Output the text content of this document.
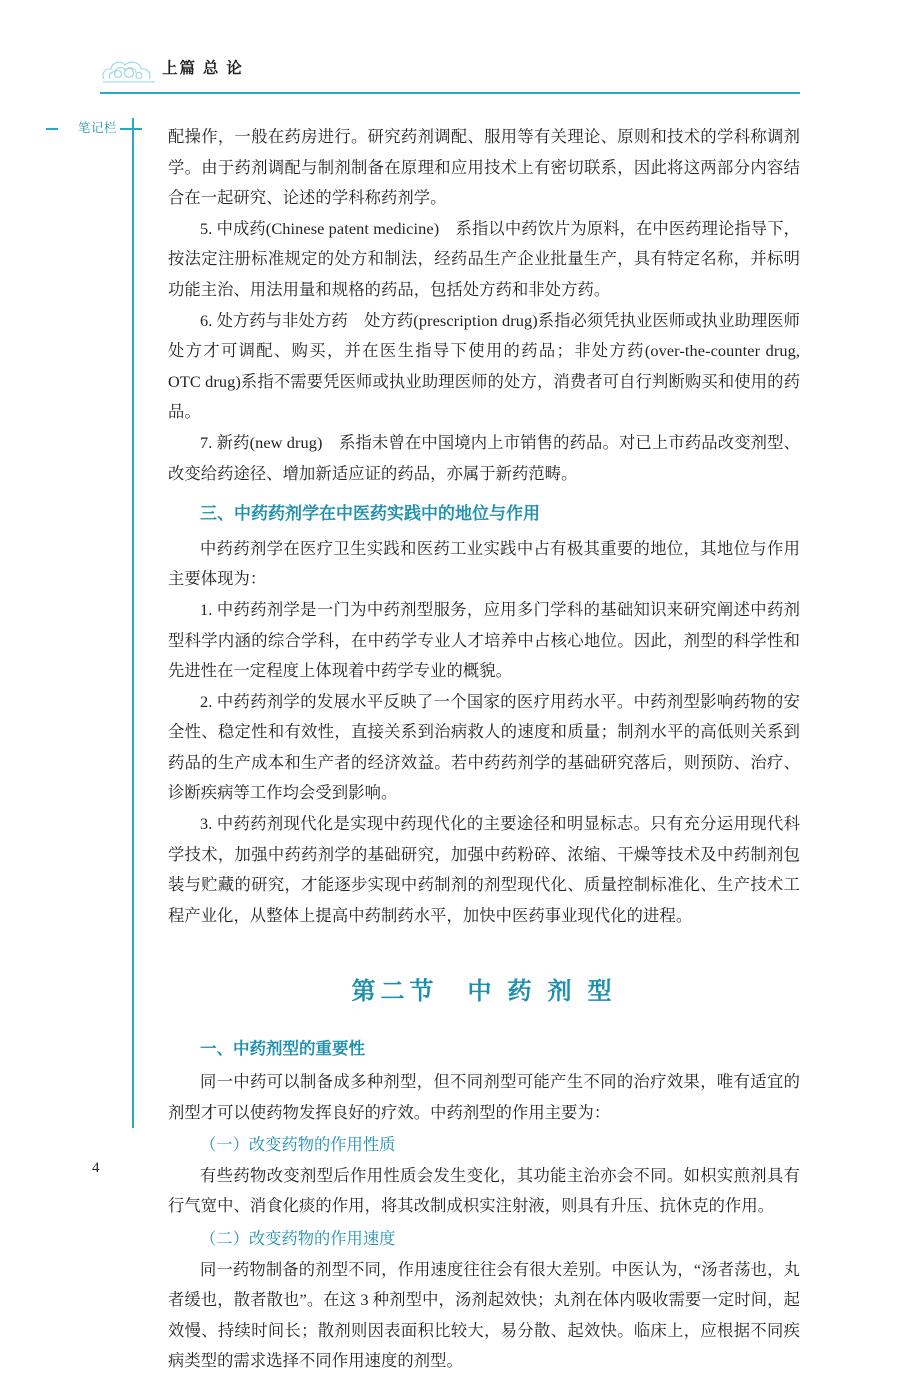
上篇 总 论
笔记栏	配操作，一般在药房进行。研究药剂调配、服用等有关理论、原则和技术的学科称调剂学。由于药剂调配与制剂制备在原理和应用技术上有密切联系，因此将这两部分内容结合在一起研究、论述的学科称药剂学。

5. 中成药(Chinese patent medicine)　系指以中药饮片为原料，在中医药理论指导下，按法定注册标准规定的处方和制法，经药品生产企业批量生产，具有特定名称，并标明功能主治、用法用量和规格的药品，包括处方药和非处方药。

6. 处方药与非处方药　处方药(prescription drug)系指必须凭执业医师或执业助理医师处方才可调配、购买，并在医生指导下使用的药品；非处方药(over-the-counter drug, OTC drug)系指不需要凭医师或执业助理医师的处方，消费者可自行判断购买和使用的药品。

7. 新药(new drug)　系指未曾在中国境内上市销售的药品。对已上市药品改变剂型、改变给药途径、增加新适应证的药品，亦属于新药范畴。

三、中药药剂学在中医药实践中的地位与作用

中药药剂学在医疗卫生实践和医药工业实践中占有极其重要的地位，其地位与作用主要体现为：

1. 中药药剂学是一门为中药剂型服务，应用多门学科的基础知识来研究阐述中药剂型科学内涵的综合学科，在中药学专业人才培养中占核心地位。因此，剂型的科学性和先进性在一定程度上体现着中药学专业的概貌。

2. 中药药剂学的发展水平反映了一个国家的医疗用药水平。中药剂型影响药物的安全性、稳定性和有效性，直接关系到治病救人的速度和质量；制剂水平的高低则关系到药品的生产成本和生产者的经济效益。若中药药剂学的基础研究落后，则预防、治疗、诊断疾病等工作均会受到影响。

3. 中药药剂现代化是实现中药现代化的主要途径和明显标志。只有充分运用现代科学技术，加强中药药剂学的基础研究，加强中药粉碎、浓缩、干燥等技术及中药制剂包装与贮藏的研究，才能逐步实现中药制剂的剂型现代化、质量控制标准化、生产技术工程产业化，从整体上提高中药制药水平，加快中医药事业现代化的进程。

第二节　中 药 剂 型
一、中药剂型的重要性

同一中药可以制备成多种剂型，但不同剂型可能产生不同的治疗效果，唯有适宜的剂型才可以使药物发挥良好的疗效。中药剂型的作用主要为：

（一）改变药物的作用性质

有些药物改变剂型后作用性质会发生变化，其功能主治亦会不同。如枳实煎剂具有行气宽中、消食化痰的作用，将其改制成枳实注射液，则具有升压、抗休克的作用。

（二）改变药物的作用速度

同一药物制备的剂型不同，作用速度往往会有很大差别。中医认为，“汤者荡也，丸者缓也，散者散也”。在这 3 种剂型中，汤剂起效快；丸剂在体内吸收需要一定时间，起效慢、持续时间长；散剂则因表面积比较大，易分散、起效快。临床上，应根据不同疾病类型的需求选择不同作用速度的剂型。

4
